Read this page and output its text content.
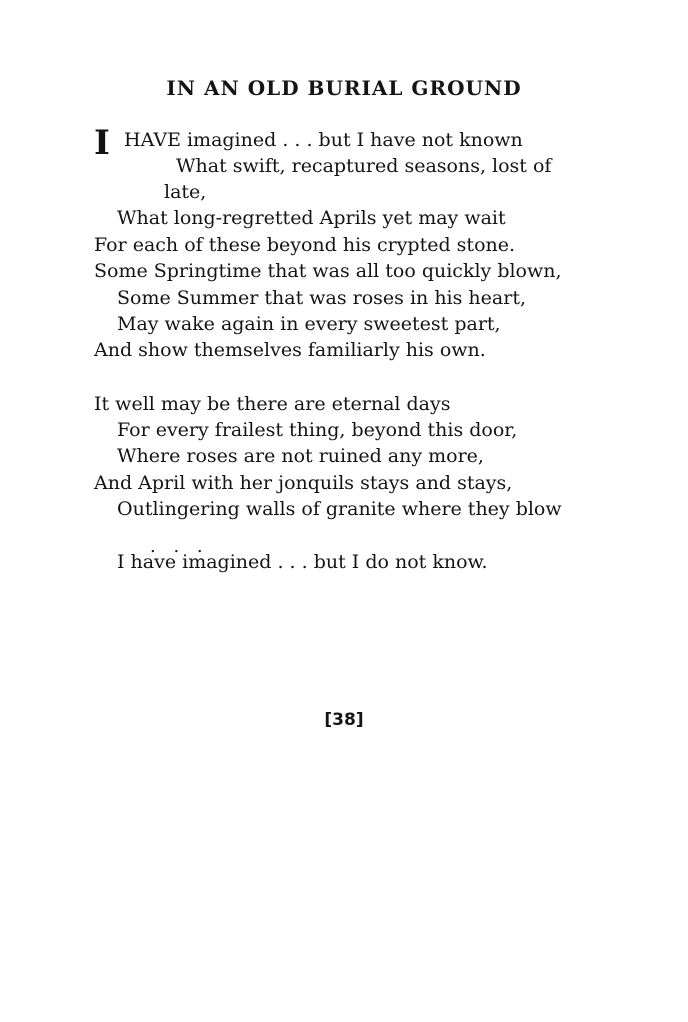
IN AN OLD BURIAL GROUND
I HAVE imagined . . . but I have not known
What swift, recaptured seasons, lost of
late,
What long-regretted Aprils yet may wait
For each of these beyond his crypted stone.
Some Springtime that was all too quickly blown,
Some Summer that was roses in his heart,
May wake again in every sweetest part,
And show themselves familiarly his own.
It well may be there are eternal days
For every frailest thing, beyond this door,
Where roses are not ruined any more,
And April with her jonquils stays and stays,
Outlingering walls of granite where they blow
. . .
I have imagined . . . but I do not know.
[38]
